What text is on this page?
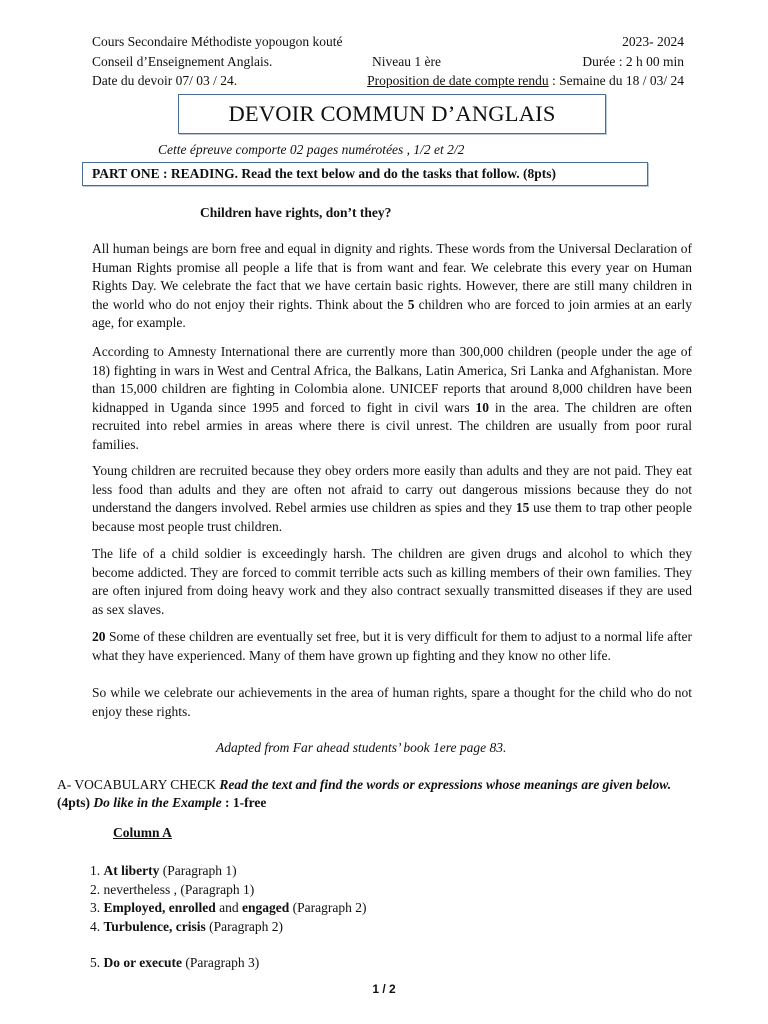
Cours Secondaire Méthodiste yopougon kouté	2023- 2024
Conseil d’Enseignement Anglais.	Niveau 1 ère	Durée : 2 h 00 min
Date du devoir 07/ 03 / 24.	Proposition de date compte rendu : Semaine du 18 / 03/ 24
DEVOIR COMMUN D’ANGLAIS
Cette épreuve comporte 02 pages numérotées , 1/2 et 2/2
PART ONE : READING. Read the text below and do the tasks that follow. (8pts)
Children have rights, don’t they?

All human beings are born free and equal in dignity and rights. These words from the Universal Declaration of Human Rights promise all people a life that is from want and fear. We celebrate this every year on Human Rights Day. We celebrate the fact that we have certain basic rights. However, there are still many children in the world who do not enjoy their rights. Think about the 5 children who are forced to join armies at an early age, for example.

According to Amnesty International there are currently more than 300,000 children (people under the age of 18) fighting in wars in West and Central Africa, the Balkans, Latin America, Sri Lanka and Afghanistan. More than 15,000 children are fighting in Colombia alone. UNICEF reports that around 8,000 children have been kidnapped in Uganda since 1995 and forced to fight in civil wars 10 in the area. The children are often recruited into rebel armies in areas where there is civil unrest. The children are usually from poor rural families.

Young children are recruited because they obey orders more easily than adults and they are not paid. They eat less food than adults and they are often not afraid to carry out dangerous missions because they do not understand the dangers involved. Rebel armies use children as spies and they 15 use them to trap other people because most people trust children.

The life of a child soldier is exceedingly harsh. The children are given drugs and alcohol to which they become addicted. They are forced to commit terrible acts such as killing members of their own families. They are often injured from doing heavy work and they also contract sexually transmitted diseases if they are used as sex slaves.

20 Some of these children are eventually set free, but it is very difficult for them to adjust to a normal life after what they have experienced. Many of them have grown up fighting and they know no other life.

So while we celebrate our achievements in the area of human rights, spare a thought for the child who do not enjoy these rights.

Adapted from Far ahead students’ book 1ere page 83.
A- VOCABULARY CHECK Read the text and find the words or expressions whose meanings are given below. (4pts) Do like in the Example : 1-free
Column A
1. At liberty (Paragraph 1)
2. nevertheless , (Paragraph 1)
3. Employed, enrolled and engaged (Paragraph 2)
4. Turbulence, crisis (Paragraph 2)
5. Do or execute (Paragraph 3)
1 / 2
